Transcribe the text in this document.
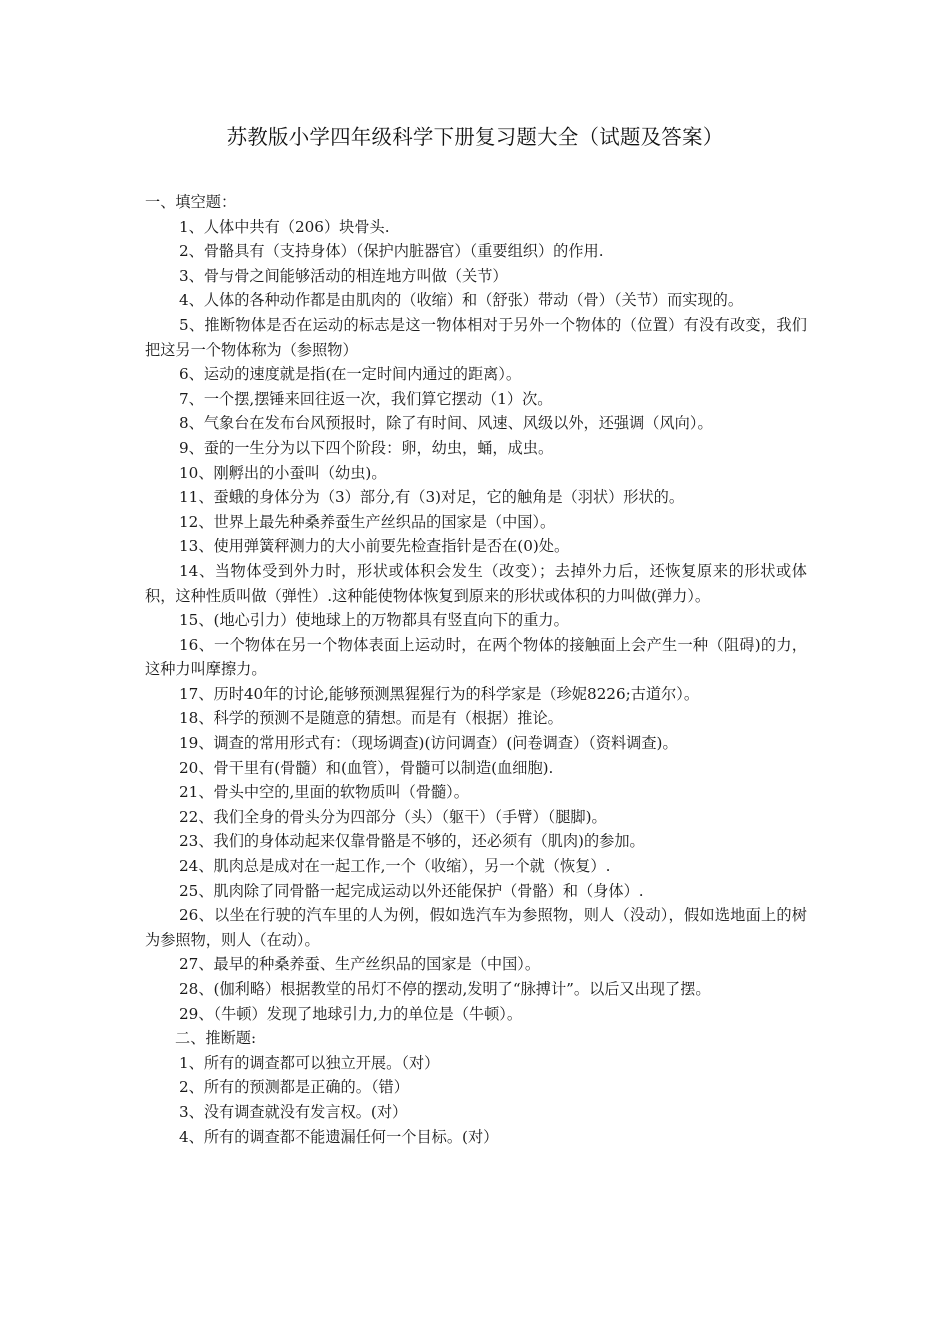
苏教版小学四年级科学下册复习题大全（试题及答案）

一、填空题：

1、人体中共有（206）块骨头.

2、骨骼具有（支持身体）（保护内脏器官）（重要组织）的作用.

3、骨与骨之间能够活动的相连地方叫做（关节）

4、人体的各种动作都是由肌肉的（收缩）和（舒张）带动（骨）（关节）而实现的。

5、推断物体是否在运动的标志是这一物体相对于另外一个物体的（位置）有没有改变，我们把这另一个物体称为（参照物）

6、运动的速度就是指(在一定时间内通过的距离）。

7、一个摆,摆锤来回往返一次，我们算它摆动（1）次。

8、气象台在发布台风预报时，除了有时间、风速、风级以外，还强调（风向）。

9、蚕的一生分为以下四个阶段：卵，幼虫，蛹，成虫。

10、刚孵出的小蚕叫（幼虫)。

11、蚕蛾的身体分为（3）部分,有（3)对足，它的触角是（羽状）形状的。

12、世界上最先种桑养蚕生产丝织品的国家是（中国）。

13、使用弹簧秤测力的大小前要先检查指针是否在(0)处。

14、当物体受到外力时，形状或体积会发生（改变）；去掉外力后，还恢复原来的形状或体积，这种性质叫做（弹性）.这种能使物体恢复到原来的形状或体积的力叫做(弹力）。

15、(地心引力）使地球上的万物都具有竖直向下的重力。

16、一个物体在另一个物体表面上运动时，在两个物体的接触面上会产生一种（阻碍)的力，这种力叫摩擦力。

17、历时40年的讨论,能够预测黑猩猩行为的科学家是（珍妮8226;古道尔）。

18、科学的预测不是随意的猜想。而是有（根据）推论。

19、调查的常用形式有：（现场调查)(访问调查）(问卷调查）（资料调查)。

20、骨干里有(骨髓）和(血管），骨髓可以制造(血细胞).

21、骨头中空的,里面的软物质叫（骨髓）。

22、我们全身的骨头分为四部分（头）（躯干）（手臂）（腿脚)。

23、我们的身体动起来仅靠骨骼是不够的，还必须有（肌肉)的参加。

24、肌肉总是成对在一起工作,一个（收缩），另一个就（恢复）.

25、肌肉除了同骨骼一起完成运动以外还能保护（骨骼）和（身体）.

26、以坐在行驶的汽车里的人为例，假如选汽车为参照物，则人（没动），假如选地面上的树为参照物，则人（在动）。

27、最早的种桑养蚕、生产丝织品的国家是（中国）。

28、(伽利略）根据教堂的吊灯不停的摆动,发明了“脉搏计”。以后又出现了摆。

29、（牛顿）发现了地球引力,力的单位是（牛顿）。

二、推断题:

1、所有的调查都可以独立开展。（对）

2、所有的预测都是正确的。（错）

3、没有调查就没有发言权。(对）

4、所有的调查都不能遗漏任何一个目标。(对）
